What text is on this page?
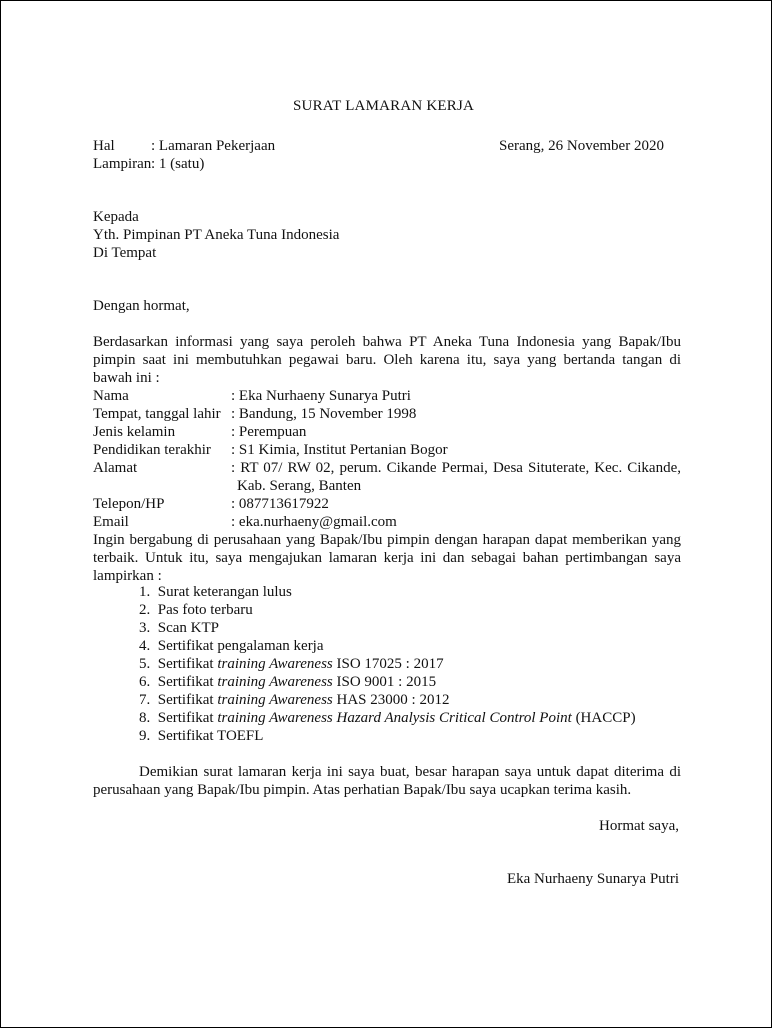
SURAT LAMARAN KERJA
Hal : Lamaran Pekerjaan	Serang, 26 November 2020
Lampiran : 1 (satu)
Kepada
Yth. Pimpinan PT Aneka Tuna Indonesia
Di Tempat
Dengan hormat,
Berdasarkan informasi yang saya peroleh bahwa PT Aneka Tuna Indonesia yang Bapak/Ibu
pimpin saat ini membutuhkan pegawai baru. Oleh karena itu, saya yang bertanda tangan di
bawah ini :
Nama	: Eka Nurhaeny Sunarya Putri
Tempat, tanggal lahir : Bandung, 15 November 1998
Jenis kelamin	: Perempuan
Pendidikan terakhir : S1 Kimia, Institut Pertanian Bogor
Alamat	: RT 07/ RW 02, perum. Cikande Permai, Desa Situterate, Kec. Cikande,
Kab. Serang, Banten
Telepon/HP	: 087713617922
Email	: eka.nurhaeny@gmail.com
Ingin bergabung di perusahaan yang Bapak/Ibu pimpin dengan harapan dapat memberikan yang
terbaik. Untuk itu, saya mengajukan lamaran kerja ini dan sebagai bahan pertimbangan saya
lampirkan :
1. Surat keterangan lulus
2. Pas foto terbaru
3. Scan KTP
4. Sertifikat pengalaman kerja
5. Sertifikat training Awareness ISO 17025 : 2017
6. Sertifikat training Awareness ISO 9001 : 2015
7. Sertifikat training Awareness HAS 23000 : 2012
8. Sertifikat training Awareness Hazard Analysis Critical Control Point (HACCP)
9. Sertifikat TOEFL
Demikian surat lamaran kerja ini saya buat, besar harapan saya untuk dapat diterima di
perusahaan yang Bapak/Ibu pimpin. Atas perhatian Bapak/Ibu saya ucapkan terima kasih.
Hormat saya,
Eka Nurhaeny Sunarya Putri
